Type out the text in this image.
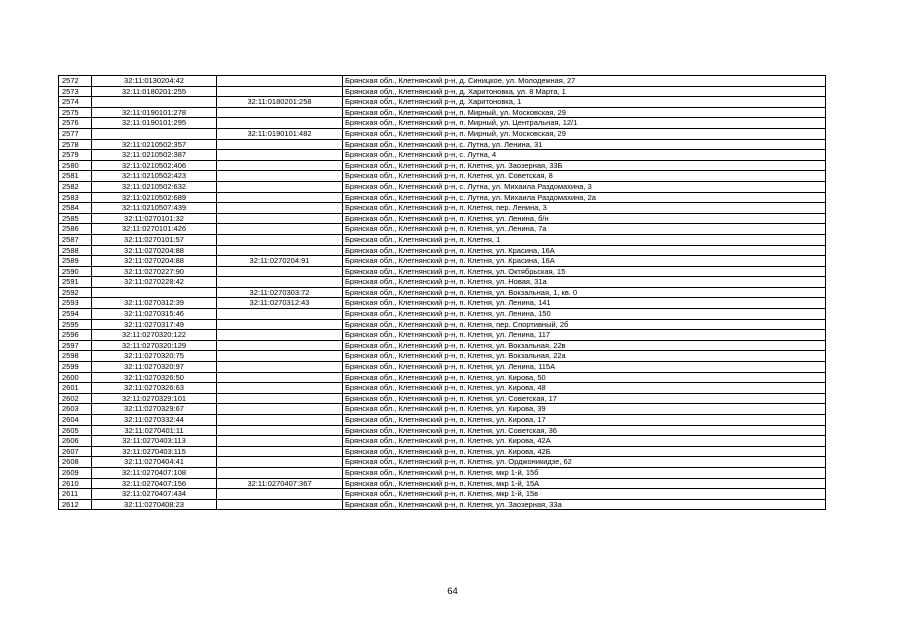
2572	32:11:0130204:42		Брянская обл., Клетнянский р-н, д. Синицкое, ул. Молодежная, 27
2573	32:11:0180201:255		Брянская обл., Клетнянский р-н, д. Харитоновка, ул. 8 Марта, 1
2574		32:11:0180201:258	Брянская обл., Клетнянский р-н, д. Харитоновка, 1
2575	32:11:0190101:278		Брянская обл., Клетнянский р-н, п. Мирный, ул. Московская, 29
2576	32:11:0190101:295		Брянская обл., Клетнянский р-н, п. Мирный, ул. Центральная, 12/1
2577		32:11:0190101:482	Брянская обл., Клетнянский р-н, п. Мирный, ул. Московская, 29
2578	32:11:0210502:357		Брянская обл., Клетнянский р-н, с. Лутна, ул. Ленина, 31
2579	32:11:0210502:387		Брянская обл., Клетнянский р-н, с. Лутна, 4
2580	32:11:0210502:406		Брянская обл., Клетнянский р-н, п. Клетня, ул. Заозерная, 33Б
2581	32:11:0210502:423		Брянская обл., Клетнянский р-н, п. Клетня, ул. Советская, 8
2582	32:11:0210502:632		Брянская обл., Клетнянский р-н, с. Лутна, ул. Михаила Раздомахина, 3
2583	32:11:0210502:689		Брянская обл., Клетнянский р-н, с. Лутна, ул. Михаила Раздомахина, 2а
2584	32:11:0210507:439		Брянская обл., Клетнянский р-н, п. Клетня, пер. Ленина, 3
2585	32:11:0270101:32		Брянская обл., Клетнянский р-н, п. Клетня, ул. Ленина, б/н
2586	32:11:0270101:426		Брянская обл., Клетнянский р-н, п. Клетня, ул. Ленина, 7а
2587	32:11:0270101:57		Брянская обл., Клетнянский р-н, п. Клетня, 1
2588	32:11:0270204:88		Брянская обл., Клетнянский р-н, п. Клетня, ул. Красина, 16А
2589	32:11:0270204:88	32:11:0270204:91	Брянская обл., Клетнянский р-н, п. Клетня, ул. Красина, 16А
2590	32:11:0270227:90		Брянская обл., Клетнянский р-н, п. Клетня, ул. Октябрьская, 15
2591	32:11:0270228:42		Брянская обл., Клетнянский р-н, п. Клетня, ул. Новая, 31а
2592		32:11:0270303:72	Брянская обл., Клетнянский р-н, п. Клетня, ул. Вокзальная, 1, кв. 0
2593	32:11:0270312:39	32:11:0270312:43	Брянская обл., Клетнянский р-н, п. Клетня, ул. Ленина, 141
2594	32:11:0270315:46		Брянская обл., Клетнянский р-н, п. Клетня, ул. Ленина, 150
2595	32:11:0270317:49		Брянская обл., Клетнянский р-н, п. Клетня, пер. Спортивный, 2б
2596	32:11:0270320:122		Брянская обл., Клетнянский р-н, п. Клетня, ул. Ленина, 117
2597	32:11:0270320:129		Брянская обл., Клетнянский р-н, п. Клетня, ул. Вокзальная, 22в
2598	32:11:0270320:75		Брянская обл., Клетнянский р-н, п. Клетня, ул. Вокзальная, 22а
2599	32:11:0270320:97		Брянская обл., Клетнянский р-н, п. Клетня, ул. Ленина, 115А
2600	32:11:0270326:50		Брянская обл., Клетнянский р-н, п. Клетня, ул. Кирова, 50
2601	32:11:0270326:63		Брянская обл., Клетнянский р-н, п. Клетня, ул. Кирова, 48
2602	32:11:0270329:101		Брянская обл., Клетнянский р-н, п. Клетня, ул. Советская, 17
2603	32:11:0270329:67		Брянская обл., Клетнянский р-н, п. Клетня, ул. Кирова, 39
2604	32:11:0270332:44		Брянская обл., Клетнянский р-н, п. Клетня, ул. Кирова, 17
2605	32:11:0270401:11		Брянская обл., Клетнянский р-н, п. Клетня, ул. Советская, 36
2606	32:11:0270403:113		Брянская обл., Клетнянский р-н, п. Клетня, ул. Кирова, 42А
2607	32:11:0270403:115		Брянская обл., Клетнянский р-н, п. Клетня, ул. Кирова, 42Б
2608	32:11:0270404:41		Брянская обл., Клетнянский р-н, п. Клетня, ул. Орджоникидзе, 62
2609	32:11:0270407:108		Брянская обл., Клетнянский р-н, п. Клетня, мкр 1-й, 15б
2610	32:11:0270407:156	32:11:0270407:367	Брянская обл., Клетнянский р-н, п. Клетня, мкр 1-й, 15А
2611	32:11:0270407:434		Брянская обл., Клетнянский р-н, п. Клетня, мкр 1-й, 15в
2612	32:11:0270408:23		Брянская обл., Клетнянский р-н, п. Клетня, ул. Заозерная, 33а
64
